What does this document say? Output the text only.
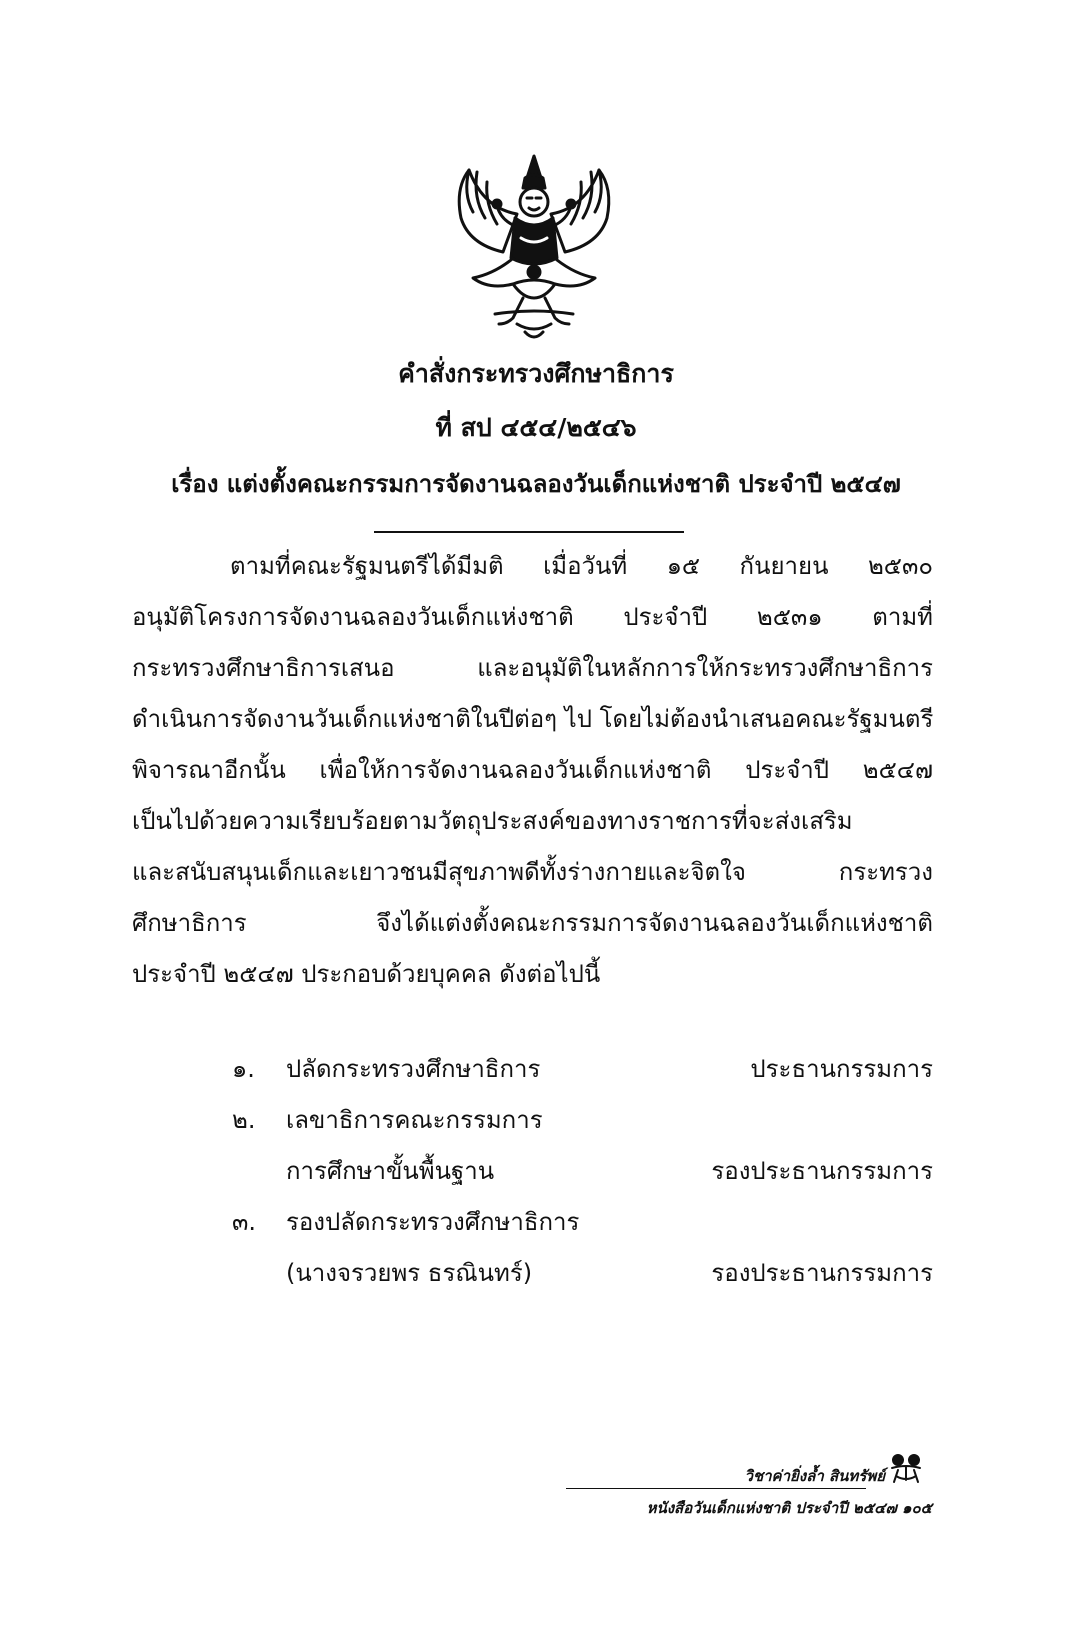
คำสั่งกระทรวงศึกษาธิการ
ที่ สป ๔๕๔/๒๕๔๖
เรื่อง แต่งตั้งคณะกรรมการจัดงานฉลองวันเด็กแห่งชาติ ประจำปี ๒๕๔๗
ตามที่คณะรัฐมนตรีได้มีมติ เมื่อวันที่ ๑๕ กันยายน ๒๕๓๐
อนุมัติโครงการจัดงานฉลองวันเด็กแห่งชาติ ประจำปี ๒๕๓๑ ตามที่
กระทรวงศึกษาธิการเสนอ และอนุมัติในหลักการให้กระทรวงศึกษาธิการ
ดำเนินการจัดงานวันเด็กแห่งชาติในปีต่อๆ ไป โดยไม่ต้องนำเสนอคณะรัฐมนตรี
พิจารณาอีกนั้น เพื่อให้การจัดงานฉลองวันเด็กแห่งชาติ ประจำปี ๒๕๔๗
เป็นไปด้วยความเรียบร้อยตามวัตถุประสงค์ของทางราชการที่จะส่งเสริม
และสนับสนุนเด็กและเยาวชนมีสุขภาพดีทั้งร่างกายและจิตใจ กระทรวง
ศึกษาธิการ จึงได้แต่งตั้งคณะกรรมการจัดงานฉลองวันเด็กแห่งชาติ
ประจำปี ๒๕๔๗ ประกอบด้วยบุคคล ดังต่อไปนี้
๑. ปลัดกระทรวงศึกษาธิการ	ประธานกรรมการ
๒. เลขาธิการคณะกรรมการ
การศึกษาขั้นพื้นฐาน	รองประธานกรรมการ
๓. รองปลัดกระทรวงศึกษาธิการ
(นางจรวยพร ธรณินทร์)	รองประธานกรรมการ
วิชาค่ายิ่งล้ำ สินทรัพย์
หนังสือวันเด็กแห่งชาติ ประจำปี ๒๕๔๗ ๑๐๕
